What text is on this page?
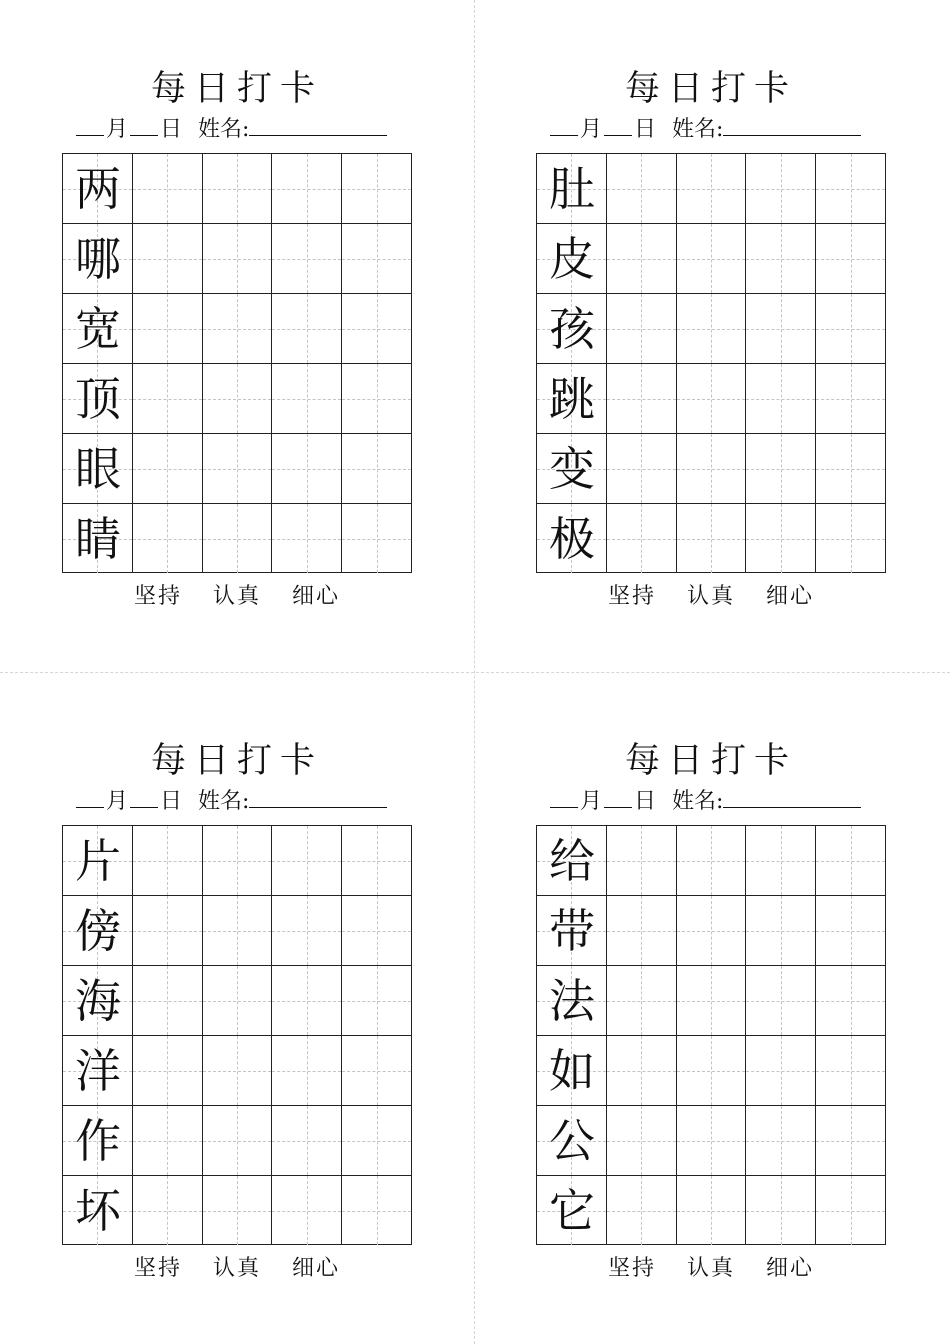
每日打卡
月 日 姓名:
两
哪
宽
顶
眼
睛
坚持 认真 细心
每日打卡
月 日 姓名:
肚
皮
孩
跳
变
极
坚持 认真 细心
每日打卡
月 日 姓名:
片
傍
海
洋
作
坏
坚持 认真 细心
每日打卡
月 日 姓名:
给
带
法
如
公
它
坚持 认真 细心
